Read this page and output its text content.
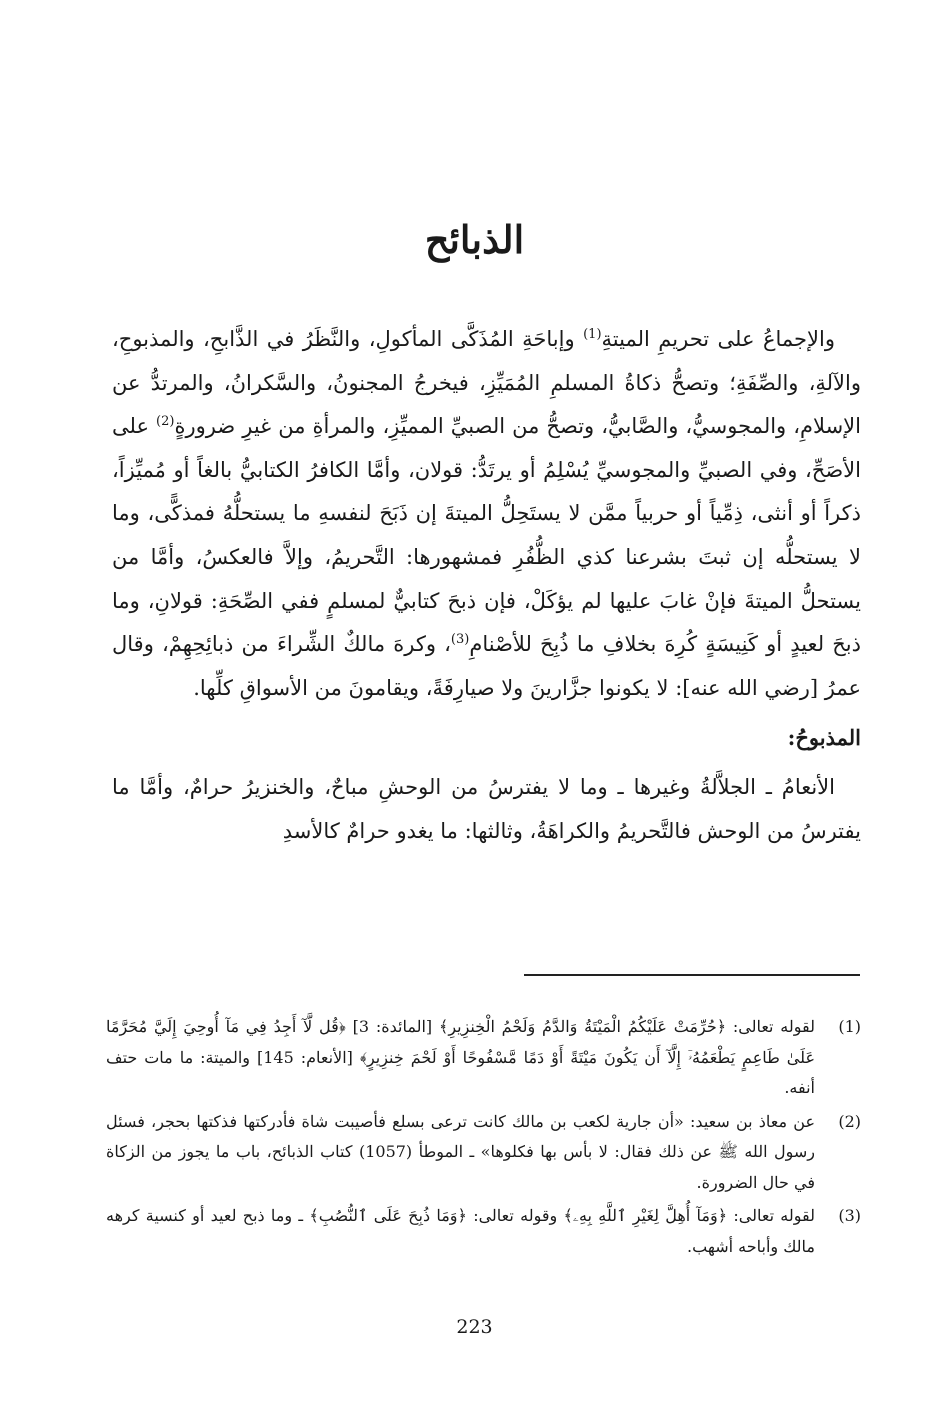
الذبائح

والإجماعُ على تحريمِ الميتةِ$^{(1)}$ وإباحَةِ المُذَكَّى المأكولِ، والنَّظَرُ في الذَّابحِ، والمذبوحِ، والآلةِ، والصِّفَةِ؛ وتصحُّ ذكاةُ المسلمِ المُمَيِّزِ، فيخرجُ المجنونُ، والسَّكرانُ، والمرتدُّ عن الإسلامِ، والمجوسيُّ، والصَّابيُّ، وتصحُّ من الصبيِّ المميِّزِ، والمرأةِ من غيرِ ضرورةٍ$^{(2)}$ على الأصَحِّ، وفي الصبيِّ والمجوسيِّ يُسْلِمُ أو يرتَدُّ: قولان، وأمَّا الكافرُ الكتابيُّ بالغاً أو مُميِّزاً، ذكراً أو أنثى، ذِمِّياً أو حربياً ممَّن لا يستَحِلُّ الميتةَ إن ذَبَحَ لنفسهِ ما يستحلُّهُ فمذكًّى، وما لا يستحلُّه إن ثبتَ بشرعنا كذي الظُّفُرِ فمشهورها: التَّحريمُ، وإلاَّ فالعكسُ، وأمَّا من يستحلُّ الميتةَ فإنْ غابَ عليها لم يؤكَلْ، فإن ذبحَ كتابيٌّ لمسلمٍ ففي الصِّحَةِ: قولانِ، وما ذبحَ لعيدٍ أو كَنِيسَةٍ كُرِهَ بخلافِ ما ذُبِحَ للأصْنامِ$^{(3)}$، وكرهَ مالكٌ الشِّراءَ من ذبائِحِهِمْ، وقال عمرُ [رضي الله عنه]: لا يكونوا جزَّارينَ ولا صيارِفَةً، ويقامونَ من الأسواقِ كلِّها.

المذبوحُ:

الأنعامُ ـ الجلاَّلةُ وغيرها ـ وما لا يفترسُ من الوحشِ مباحٌ، والخنزيرُ حرامٌ، وأمَّا ما يفترسُ من الوحش فالتَّحريمُ والكراهَةُ، وثالثها: ما يغدو حرامٌ كالأسدِ

(1)
لقوله تعالى: ﴿حُرِّمَتْ عَلَيْكُمُ الْمَيْتَةُ وَالدَّمُ وَلَحْمُ الْخِنزِيرِ﴾ [المائدة: 3] ﴿قُل لَّآ أَجِدُ فِي مَآ أُوحِيَ إِلَيَّ مُحَرَّمًا عَلَىٰ طَاعِمٍ يَطْعَمُهُۥٓ إِلَّآ أَن يَكُونَ مَيْتَةً أَوْ دَمًا مَّسْفُوحًا أَوْ لَحْمَ خِنزِيرٍ﴾ [الأنعام: 145] والميتة: ما مات حتف أنفه.
(2)
عن معاذ بن سعيد: «أن جارية لكعب بن مالك كانت ترعى بسلع فأصيبت شاة فأدركتها فذكتها بحجر، فسئل رسول الله ﷺ عن ذلك فقال: لا بأس بها فكلوها» ـ الموطأ (1057) كتاب الذبائح، باب ما يجوز من الزكاة في حال الضرورة.
(3)
لقوله تعالى: ﴿وَمَآ أُهِلَّ لِغَيْرِ ٱللَّهِ بِهِۦ﴾ وقوله تعالى: ﴿وَمَا ذُبِحَ عَلَى ٱلنُّصُبِ﴾ ـ وما ذبح لعيد أو كنسية كرهه مالك وأباحه أشهب.
223
